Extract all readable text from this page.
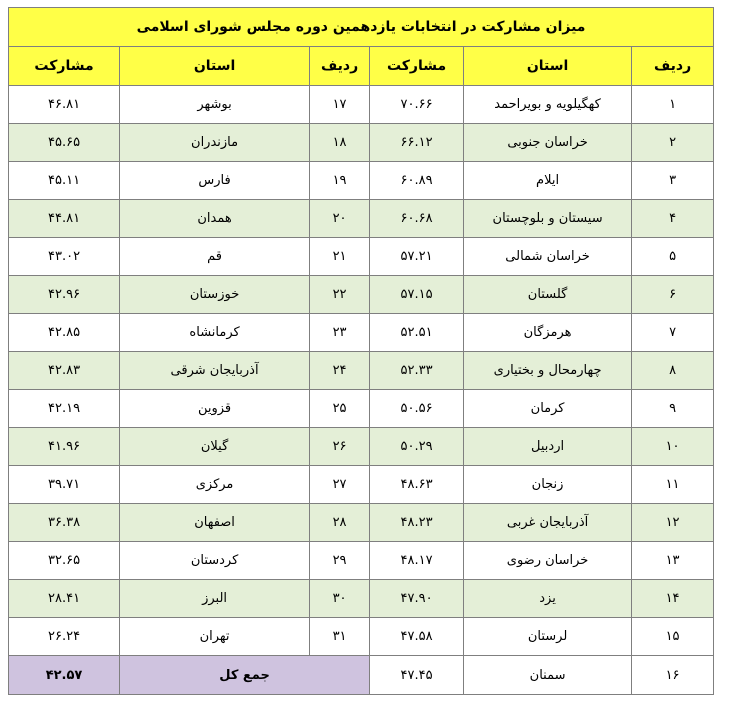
میزان مشارکت در انتخابات یازدهمین دوره مجلس شورای اسلامی					
ردیف	استان	مشارکت	ردیف	استان	مشارکت
۱	کهگیلویه و بویراحمد	۷۰.۶۶	۱۷	بوشهر	۴۶.۸۱
۲	خراسان جنوبی	۶۶.۱۲	۱۸	مازندران	۴۵.۶۵
۳	ایلام	۶۰.۸۹	۱۹	فارس	۴۵.۱۱
۴	سیستان و بلوچستان	۶۰.۶۸	۲۰	همدان	۴۴.۸۱
۵	خراسان شمالی	۵۷.۲۱	۲۱	قم	۴۳.۰۲
۶	گلستان	۵۷.۱۵	۲۲	خوزستان	۴۲.۹۶
۷	هرمزگان	۵۲.۵۱	۲۳	کرمانشاه	۴۲.۸۵
۸	چهارمحال و بختیاری	۵۲.۳۳	۲۴	آذربایجان شرقی	۴۲.۸۳
۹	کرمان	۵۰.۵۶	۲۵	قزوین	۴۲.۱۹
۱۰	اردبیل	۵۰.۲۹	۲۶	گیلان	۴۱.۹۶
۱۱	زنجان	۴۸.۶۳	۲۷	مرکزی	۳۹.۷۱
۱۲	آذربایجان غربی	۴۸.۲۳	۲۸	اصفهان	۳۶.۳۸
۱۳	خراسان رضوی	۴۸.۱۷	۲۹	کردستان	۳۲.۶۵
۱۴	یزد	۴۷.۹۰	۳۰	البرز	۲۸.۴۱
۱۵	لرستان	۴۷.۵۸	۳۱	تهران	۲۶.۲۴
۱۶	سمنان	۴۷.۴۵	جمع کل		۴۲.۵۷
